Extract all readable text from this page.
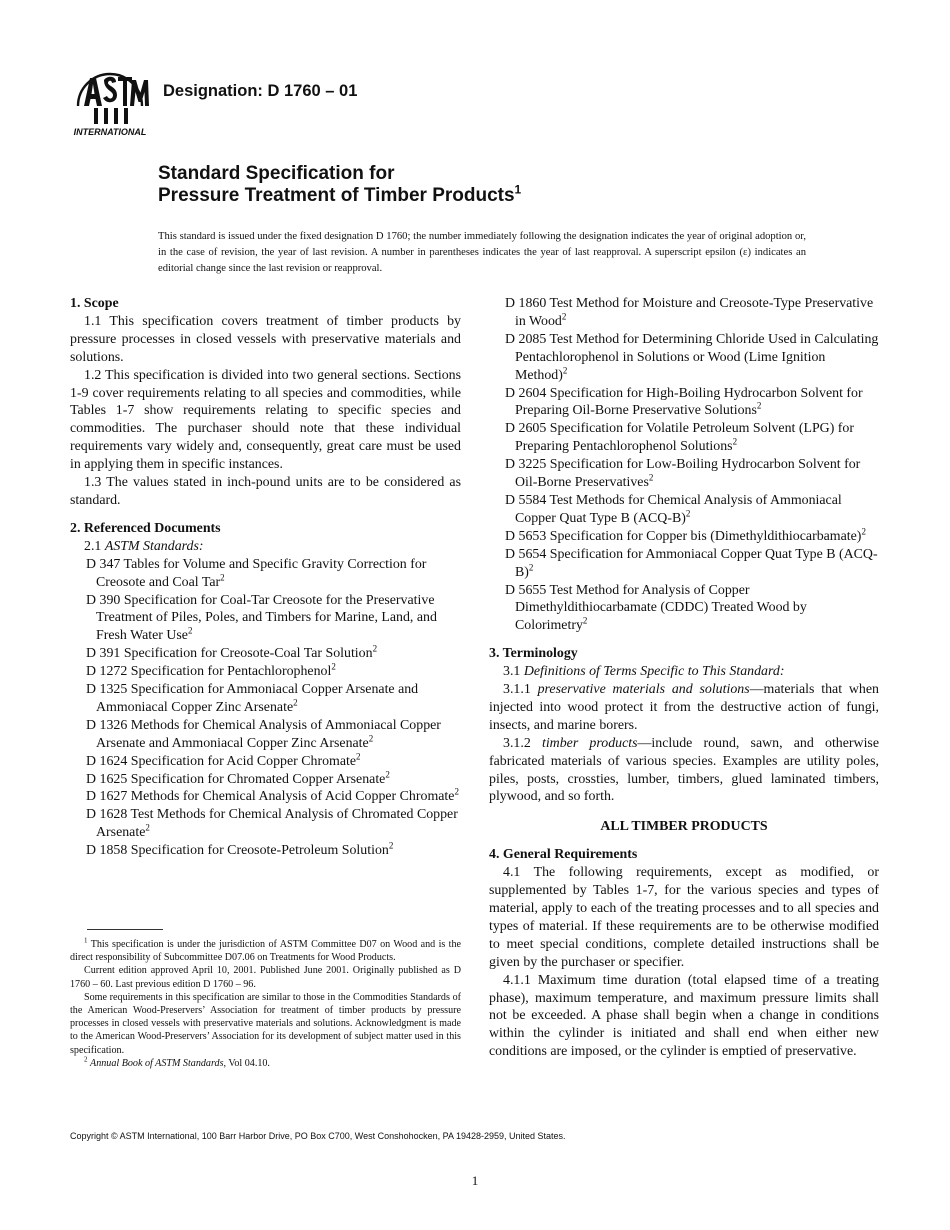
INTERNATIONAL
Designation: D 1760 – 01
Standard Specification for
Pressure Treatment of Timber Products$^1$
This standard is issued under the fixed designation D 1760; the number immediately following the designation indicates the year of original adoption or, in the case of revision, the year of last revision. A number in parentheses indicates the year of last reapproval. A superscript epsilon (ε) indicates an editorial change since the last revision or reapproval.

1. Scope

1.1 This specification covers treatment of timber products by pressure processes in closed vessels with preservative materials and solutions.

1.2 This specification is divided into two general sections. Sections 1-9 cover requirements relating to all species and commodities, while Tables 1-7 show requirements relating to specific species and commodities. The purchaser should note that these individual requirements vary widely and, consequently, great care must be used in applying them in specific instances.

1.3 The values stated in inch-pound units are to be considered as standard.

2. Referenced Documents

2.1 ASTM Standards:

D 347 Tables for Volume and Specific Gravity Correction for Creosote and Coal Tar$^2$

D 390 Specification for Coal-Tar Creosote for the Preservative Treatment of Piles, Poles, and Timbers for Marine, Land, and Fresh Water Use$^2$

D 391 Specification for Creosote-Coal Tar Solution$^2$

D 1272 Specification for Pentachlorophenol$^2$

D 1325 Specification for Ammoniacal Copper Arsenate and Ammoniacal Copper Zinc Arsenate$^2$

D 1326 Methods for Chemical Analysis of Ammoniacal Copper Arsenate and Ammoniacal Copper Zinc Arsenate$^2$

D 1624 Specification for Acid Copper Chromate$^2$

D 1625 Specification for Chromated Copper Arsenate$^2$

D 1627 Methods for Chemical Analysis of Acid Copper Chromate$^2$

D 1628 Test Methods for Chemical Analysis of Chromated Copper Arsenate$^2$

D 1858 Specification for Creosote-Petroleum Solution$^2$

$^1$ This specification is under the jurisdiction of ASTM Committee D07 on Wood and is the direct responsibility of Subcommittee D07.06 on Treatments for Wood Products.

Current edition approved April 10, 2001. Published June 2001. Originally published as D 1760 – 60. Last previous edition D 1760 – 96.

Some requirements in this specification are similar to those in the Commodities Standards of the American Wood-Preservers’ Association for treatment of timber products by pressure processes in closed vessels with preservative materials and solutions. Acknowledgment is made to the American Wood-Preservers’ Association for its development of subject matter used in this specification.

$^2$ Annual Book of ASTM Standards, Vol 04.10.

D 1860 Test Method for Moisture and Creosote-Type Preservative in Wood$^2$

D 2085 Test Method for Determining Chloride Used in Calculating Pentachlorophenol in Solutions or Wood (Lime Ignition Method)$^2$

D 2604 Specification for High-Boiling Hydrocarbon Solvent for Preparing Oil-Borne Preservative Solutions$^2$

D 2605 Specification for Volatile Petroleum Solvent (LPG) for Preparing Pentachlorophenol Solutions$^2$

D 3225 Specification for Low-Boiling Hydrocarbon Solvent for Oil-Borne Preservatives$^2$

D 5584 Test Methods for Chemical Analysis of Ammoniacal Copper Quat Type B (ACQ-B)$^2$

D 5653 Specification for Copper bis (Dimethyldithiocarbamate)$^2$

D 5654 Specification for Ammoniacal Copper Quat Type B (ACQ-B)$^2$

D 5655 Test Method for Analysis of Copper Dimethyldithiocarbamate (CDDC) Treated Wood by Colorimetry$^2$

3. Terminology

3.1 Definitions of Terms Specific to This Standard:

3.1.1 preservative materials and solutions—materials that when injected into wood protect it from the destructive action of fungi, insects, and marine borers.

3.1.2 timber products—include round, sawn, and otherwise fabricated materials of various species. Examples are utility poles, piles, posts, crossties, lumber, timbers, glued laminated timbers, plywood, and so forth.

ALL TIMBER PRODUCTS

4. General Requirements

4.1 The following requirements, except as modified, or supplemented by Tables 1-7, for the various species and types of material, apply to each of the treating processes and to all species and types of material. If these requirements are to be otherwise modified to meet special conditions, complete detailed instructions shall be given by the purchaser or specifier.

4.1.1 Maximum time duration (total elapsed time of a treating phase), maximum temperature, and maximum pressure limits shall not be exceeded. A phase shall begin when a change in conditions within the cylinder is initiated and shall end when either new conditions are imposed, or the cylinder is emptied of preservative.

Copyright © ASTM International, 100 Barr Harbor Drive, PO Box C700, West Conshohocken, PA 19428-2959, United States.
1
